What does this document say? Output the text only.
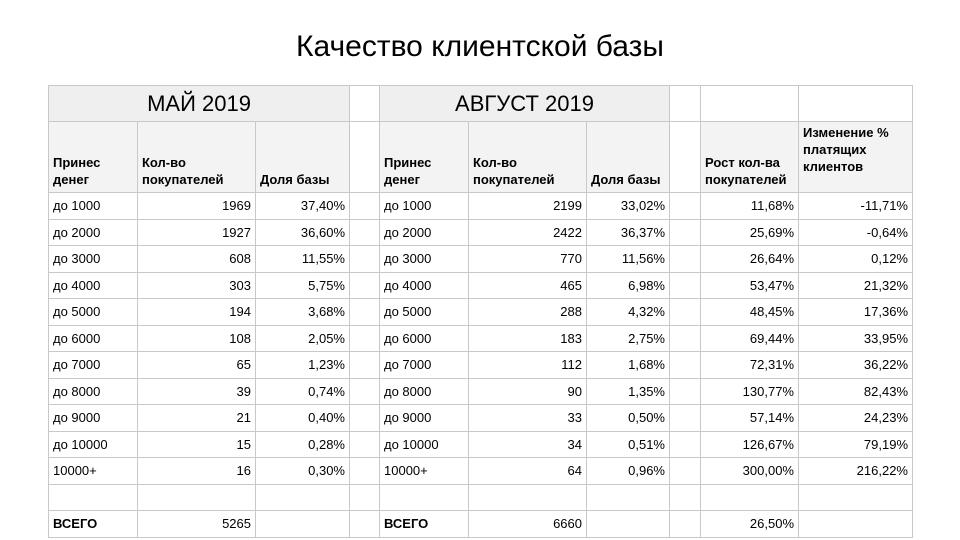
Качество клиентской базы
МАЙ 2019				АВГУСТ 2019					
Принес денег	Кол-во покупателей	Доля базы		Принес денег	Кол-во покупателей	Доля базы		Рост кол-ва покупателей	Изменение % платящих клиентов
до 1000	1969	37,40%		до 1000	2199	33,02%		11,68%	-11,71%
до 2000	1927	36,60%		до 2000	2422	36,37%		25,69%	-0,64%
до 3000	608	11,55%		до 3000	770	11,56%		26,64%	0,12%
до 4000	303	5,75%		до 4000	465	6,98%		53,47%	21,32%
до 5000	194	3,68%		до 5000	288	4,32%		48,45%	17,36%
до 6000	108	2,05%		до 6000	183	2,75%		69,44%	33,95%
до 7000	65	1,23%		до 7000	112	1,68%		72,31%	36,22%
до 8000	39	0,74%		до 8000	90	1,35%		130,77%	82,43%
до 9000	21	0,40%		до 9000	33	0,50%		57,14%	24,23%
до 10000	15	0,28%		до 10000	34	0,51%		126,67%	79,19%
10000+	16	0,30%		10000+	64	0,96%		300,00%	216,22%

ВСЕГО	5265			ВСЕГО	6660			26,50%	
